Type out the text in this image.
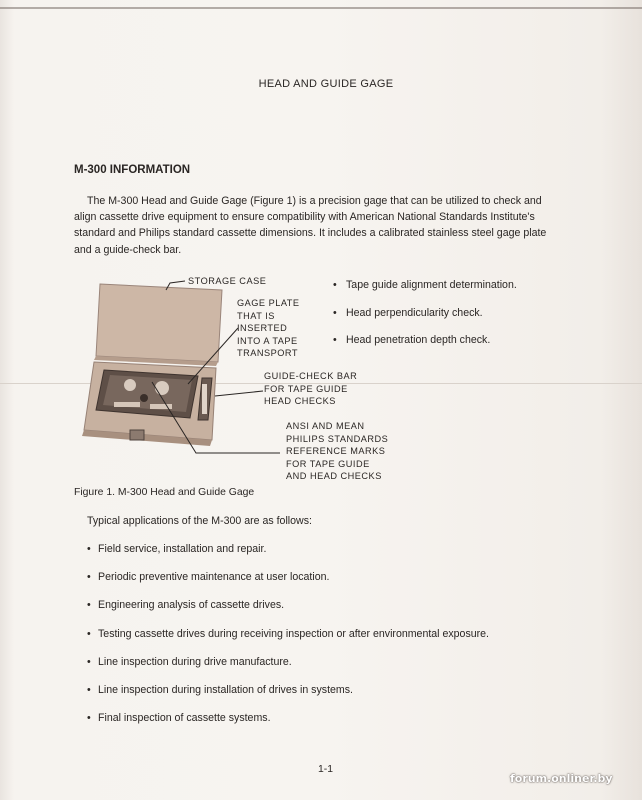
HEAD AND GUIDE GAGE
M-300 INFORMATION
The M-300 Head and Guide Gage (Figure 1) is a precision gage that can be utilized to check and
align cassette drive equipment to ensure compatibility with American National Standards Institute's
standard and Philips standard cassette dimensions. It includes a calibrated stainless steel gage plate
and a guide-check bar.
• Tape guide alignment determination.
• Head perpendicularity check.
• Head penetration depth check.
STORAGE CASE
GAGE PLATE
THAT IS
INSERTED
INTO A TAPE
TRANSPORT
GUIDE-CHECK BAR
FOR TAPE GUIDE
HEAD CHECKS
ANSI AND MEAN
PHILIPS STANDARDS
REFERENCE MARKS
FOR TAPE GUIDE
AND HEAD CHECKS
Figure 1. M-300 Head and Guide Gage
Typical applications of the M-300 are as follows:
• Field service, installation and repair.
• Periodic preventive maintenance at user location.
• Engineering analysis of cassette drives.
• Testing cassette drives during receiving inspection or after environmental exposure.
• Line inspection during drive manufacture.
• Line inspection during installation of drives in systems.
• Final inspection of cassette systems.
1-1
forum.onliner.by
